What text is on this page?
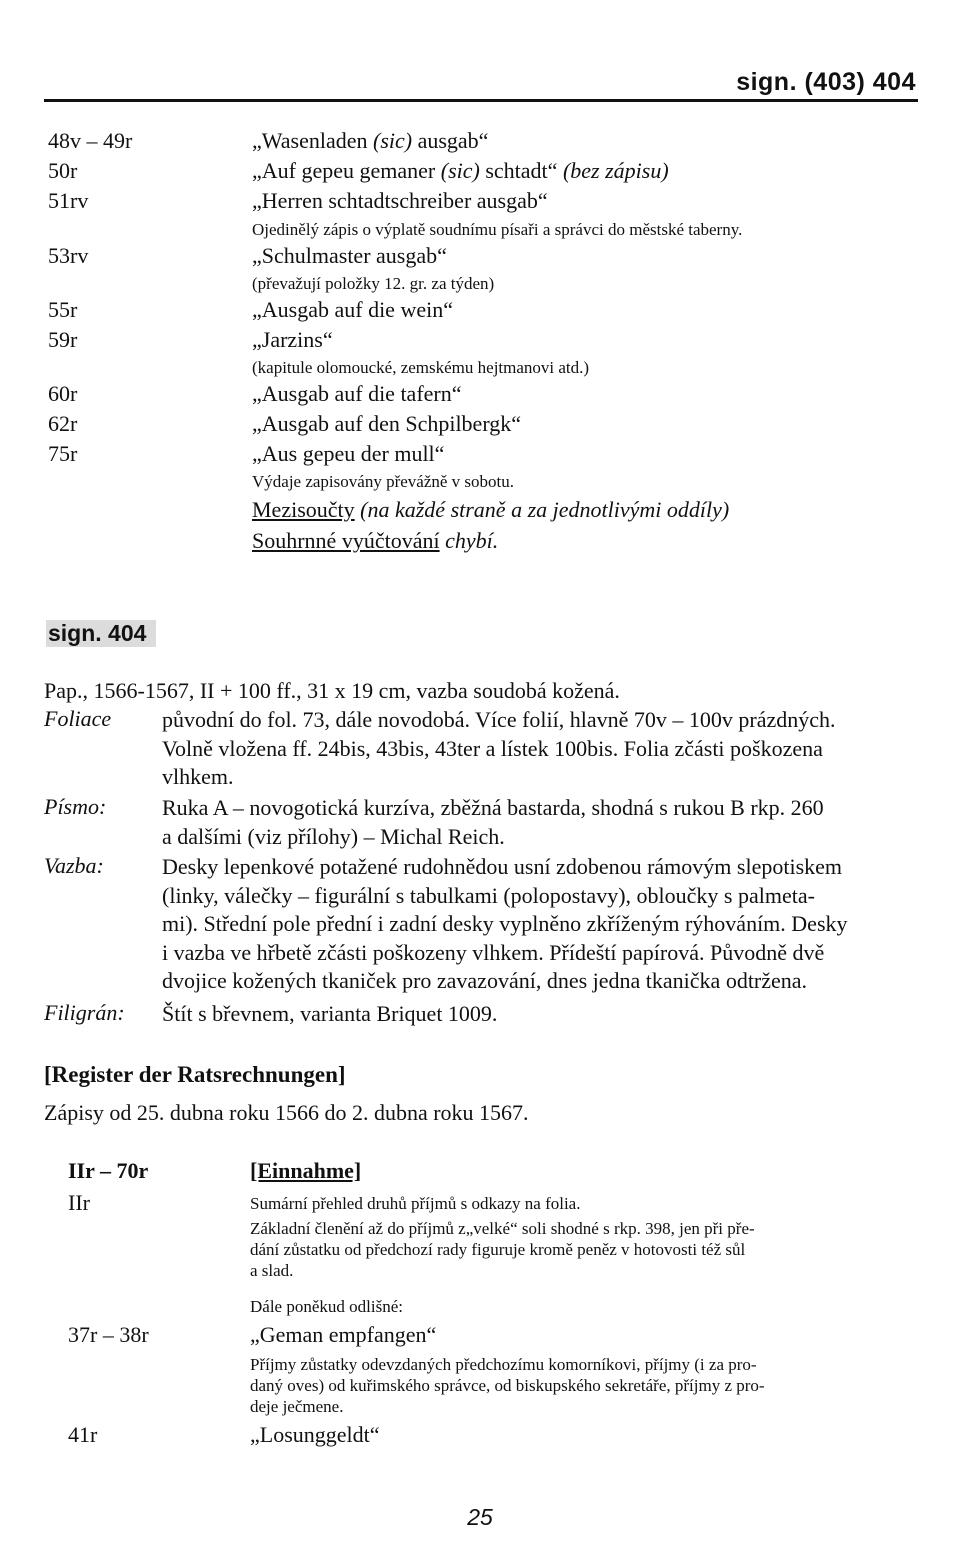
sign. (403) 404
48v – 49r	„Wasenladen (sic) ausgab“
50r	„Auf gepeu gemaner (sic) schtadt“ (bez zápisu)
51rv	„Herren schtadtschreiber ausgab“
Ojedinělý zápis o výplatě soudnímu písaři a správci do městské taberny.
53rv	„Schulmaster ausgab“
(převažují položky 12. gr. za týden)
55r	„Ausgab auf die wein“
59r	„Jarzins“
(kapitule olomoucké, zemskému hejtmanovi atd.)
60r	„Ausgab auf die tafern“
62r	„Ausgab auf den Schpilbergk“
75r	„Aus gepeu der mull“
Výdaje zapisovány převážně v sobotu.
Mezisoučty (na každé straně a za jednotlivými oddíly)
Souhrnné vyúčtování chybí.
sign. 404
Pap., 1566-1567, II + 100 ff., 31 x 19 cm, vazba soudobá kožená.
Foliace původní do fol. 73, dále novodobá. Více folií, hlavně 70v – 100v prázdných.

Volně vložena ff. 24bis, 43bis, 43ter a lístek 100bis. Folia zčásti poškozena

vlhkem.

Písmo:	Ruka A – novogotická kurzíva, zběžná bastarda, shodná s rukou B rkp. 260

a dalšími (viz přílohy) – Michal Reich.

Vazba:	Desky lepenkové potažené rudohnědou usní zdobenou rámovým slepotiskem

(linky, válečky – figurální s tabulkami (polopostavy), obloučky s palmeta-

mi). Střední pole přední i zadní desky vyplněno zkříženým rýhováním. Desky

i vazba ve hřbetě zčásti poškozeny vlhkem. Přídeští papírová. Původně dvě

dvojice kožených tkaniček pro zavazování, dnes jedna tkanička odtržena.

Filigrán: Štít s břevnem, varianta Briquet 1009.
[Register der Ratsrechnungen]
Zápisy od 25. dubna roku 1566 do 2. dubna roku 1567.
IIr – 70r	[Einnahme]
IIr	Sumární přehled druhů příjmů s odkazy na folia.
Základní členění až do příjmů z„velké“ soli shodné s rkp. 398, jen při pře-
dání zůstatku od předchozí rady figuruje kromě peněz v hotovosti též sůl
a slad.
Dále poněkud odlišné:
37r – 38r	„Geman empfangen“
Příjmy zůstatky odevzdaných předchozímu komorníkovi, příjmy (i za pro-
daný oves) od kuřimského správce, od biskupského sekretáře, příjmy z pro-
deje ječmene.
41r	„Losunggeldt“
25
